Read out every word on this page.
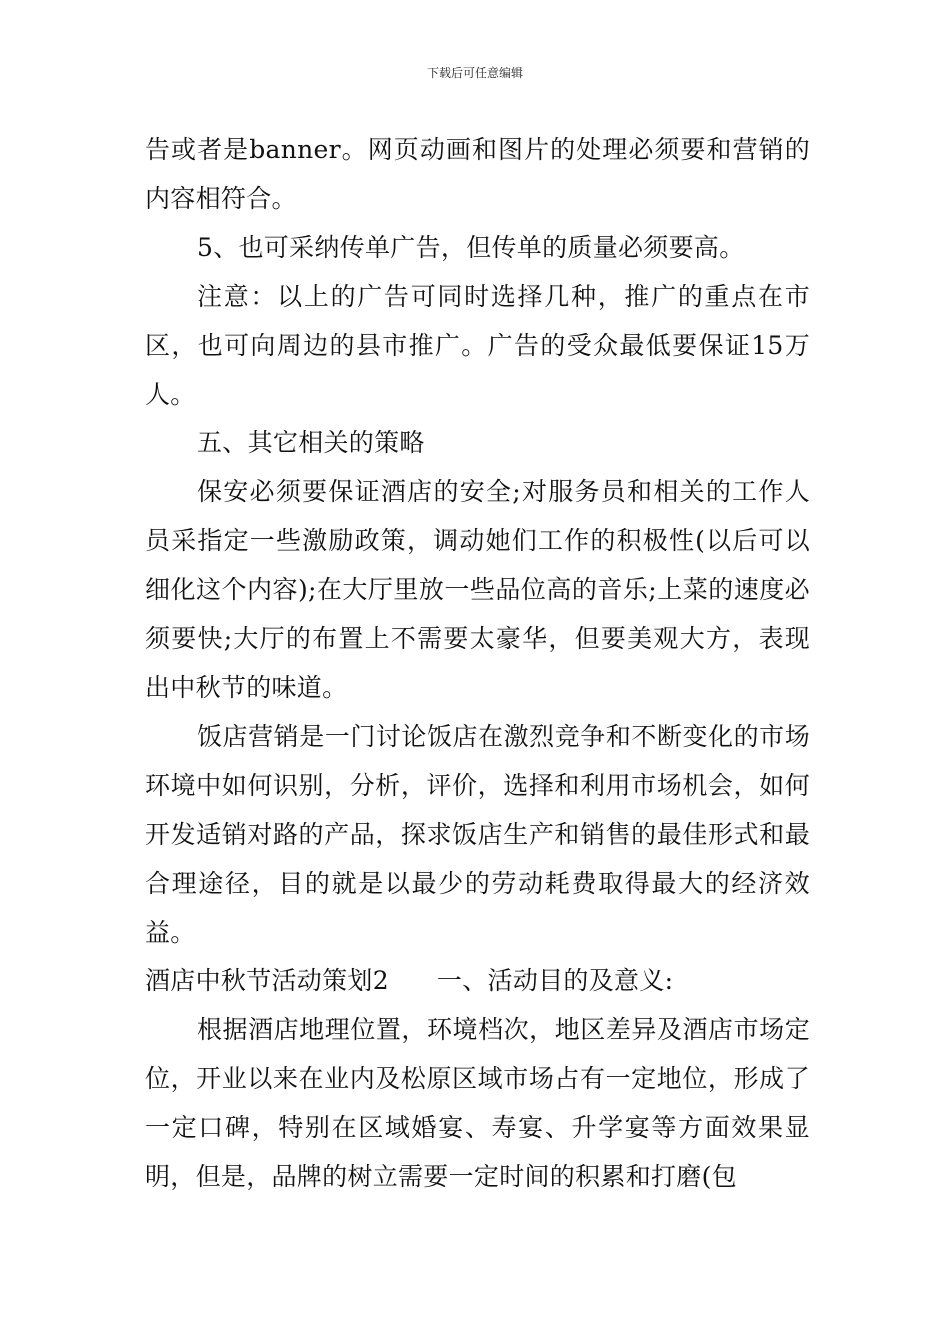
下载后可任意编辑

告或者是banner。网页动画和图片的处理必须要和营销的内容相符合。

5、也可采纳传单广告，但传单的质量必须要高。

注意：以上的广告可同时选择几种，推广的重点在市区，也可向周边的县市推广。广告的受众最低要保证15万人。

五、其它相关的策略

保安必须要保证酒店的安全;对服务员和相关的工作人员采指定一些激励政策，调动她们工作的积极性(以后可以细化这个内容);在大厅里放一些品位高的音乐;上菜的速度必须要快;大厅的布置上不需要太豪华，但要美观大方，表现出中秋节的味道。

饭店营销是一门讨论饭店在激烈竞争和不断变化的市场环境中如何识别，分析，评价，选择和利用市场机会，如何开发适销对路的产品，探求饭店生产和销售的最佳形式和最合理途径，目的就是以最少的劳动耗费取得最大的经济效益。

酒店中秋节活动策划2 一、活动目的及意义:

根据酒店地理位置，环境档次，地区差异及酒店市场定位，开业以来在业内及松原区域市场占有一定地位，形成了一定口碑，特别在区域婚宴、寿宴、升学宴等方面效果显明，但是，品牌的树立需要一定时间的积累和打磨(包
